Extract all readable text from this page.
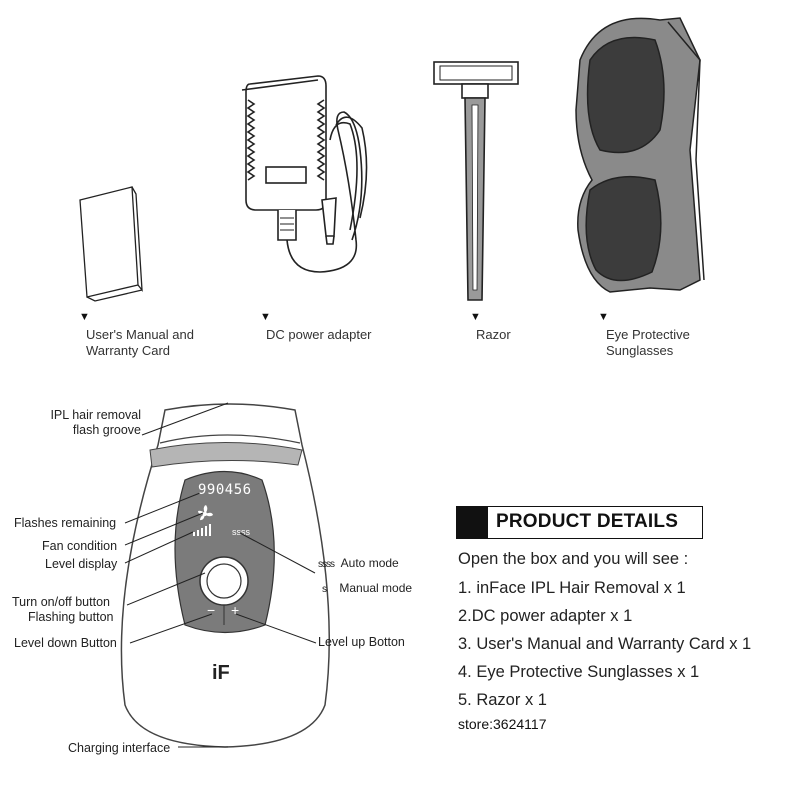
▼	▼	▼	▼
User's Manual and
Warranty Card
DC power adapter	Razor	Eye Protective
Sunglasses
ssss
− +
iF
IPL hair removal
flash groove
990456
Flashes remaining
Fan condition
Level display
Turn on/off button
Flashing button
Level down Button	Level up Botton
Charging interface
ssss Auto mode
s Manual mode
PRODUCT DETAILS
Open the box and you will see :
1. inFace IPL Hair Removal x 1
2.DC power adapter x 1
3. User's Manual and Warranty Card x 1
4. Eye Protective Sunglasses x 1
5. Razor x 1
store:3624117
